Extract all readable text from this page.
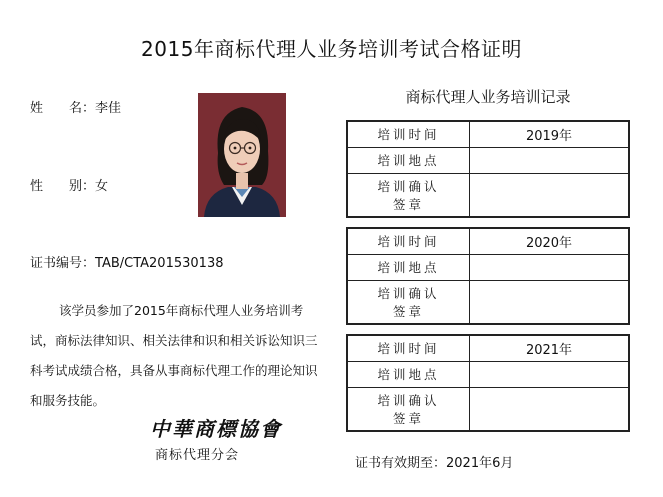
2015年商标代理人业务培训考试合格证明
姓　　名：李佳
性　　别：女
证书编号：TAB/CTA201530138
该学员参加了2015年商标代理人业务培训考试，商标法律知识、相关法律和识和相关诉讼知识三科考试成绩合格，具备从事商标代理工作的理论知识和服务技能。
中華商標協會
商标代理分会
商标代理人业务培训记录
培训时间	2019年
培训地点	

培训确认
签章	

培训时间	2020年
培训地点	

培训确认
签章	

培训时间	2021年
培训地点	

培训确认
签章	

证书有效期至：2021年6月
